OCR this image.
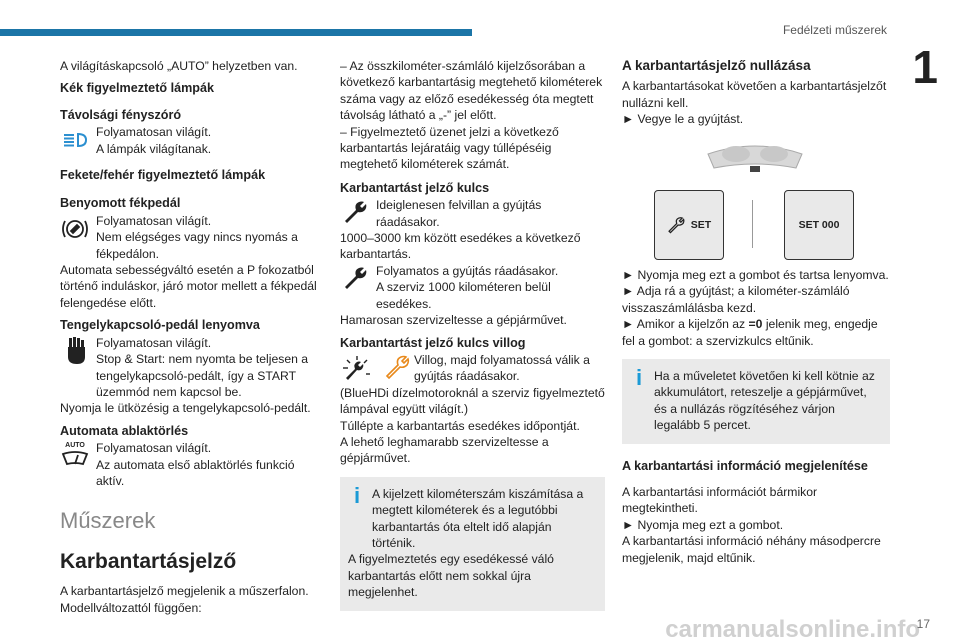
Fedélzeti műszerek
1

A világításkapcsoló „AUTO” helyzetben van.

Kék figyelmeztető lámpák

Távolsági fényszóró

Folyamatosan világít.

A lámpák világítanak.

Fekete/fehér figyelmeztető lámpák

Benyomott fékpedál

Folyamatosan világít.

Nem elégséges vagy nincs nyomás a fékpedálon.

Automata sebességváltó esetén a P fokozatból történő induláskor, járó motor mellett a fékpedál felengedése előtt.

Tengelykapcsoló-pedál lenyomva

Folyamatosan világít.

Stop & Start: nem nyomta be teljesen a tengelykapcsoló-pedált, így a START üzemmód nem kapcsol be.

Nyomja le ütközésig a tengelykapcsoló-pedált.

Automata ablaktörlés

AUTO Folyamatosan világít.

Az automata első ablaktörlés funkció aktív.

Műszerek

Karbantartásjelző

A karbantartásjelző megjelenik a műszerfalon. Modellváltozattól függően:

– Az összkilométer-számláló kijelzősorában a következő karbantartásig megtehető kilométerek száma vagy az előző esedékesség óta megtett távolság látható a „-” jel előtt.

– Figyelmeztető üzenet jelzi a következő karbantartás lejáratáig vagy túllépéséig megtehető kilométerek számát.

Karbantartást jelző kulcs

Ideiglenesen felvillan a gyújtás ráadásakor.

1000–3000 km között esedékes a következő karbantartás.

Folyamatos a gyújtás ráadásakor.

A szerviz 1000 kilométeren belül esedékes.

Hamarosan szervizeltesse a gépjárművet.

Karbantartást jelző kulcs villog

Villog, majd folyamatossá válik a gyújtás ráadásakor.

(BlueHDi dízelmotoroknál a szerviz figyelmeztető lámpával együtt világít.)

Túllépte a karbantartás esedékes időpontját.

A lehető leghamarabb szervizeltesse a gépjárművet.

i A kijelzett kilométerszám kiszámítása a megtett kilométerek és a legutóbbi karbantartás óta eltelt idő alapján történik.

A figyelmeztetés egy esedékessé váló karbantartás előtt nem sokkal újra megjelenhet.

A karbantartásjelző nullázása

A karbantartásokat követően a karbantartásjelzőt nullázni kell.

► Vegye le a gyújtást.

SET	SET 000

► Nyomja meg ezt a gombot és tartsa lenyomva.

► Adja rá a gyújtást; a kilométer-számláló visszaszámlálásba kezd.

► Amikor a kijelzőn az =0 jelenik meg, engedje fel a gombot: a szervizkulcs eltűnik.

i Ha a műveletet követően ki kell kötnie az akkumulátort, reteszelje a gépjárművet, és a nullázás rögzítéséhez várjon legalább 5 percet.

A karbantartási információ megjelenítése

A karbantartási információt bármikor megtekintheti.

► Nyomja meg ezt a gombot.

A karbantartási információ néhány másodpercre megjelenik, majd eltűnik.

carmanualsonline.info
17
